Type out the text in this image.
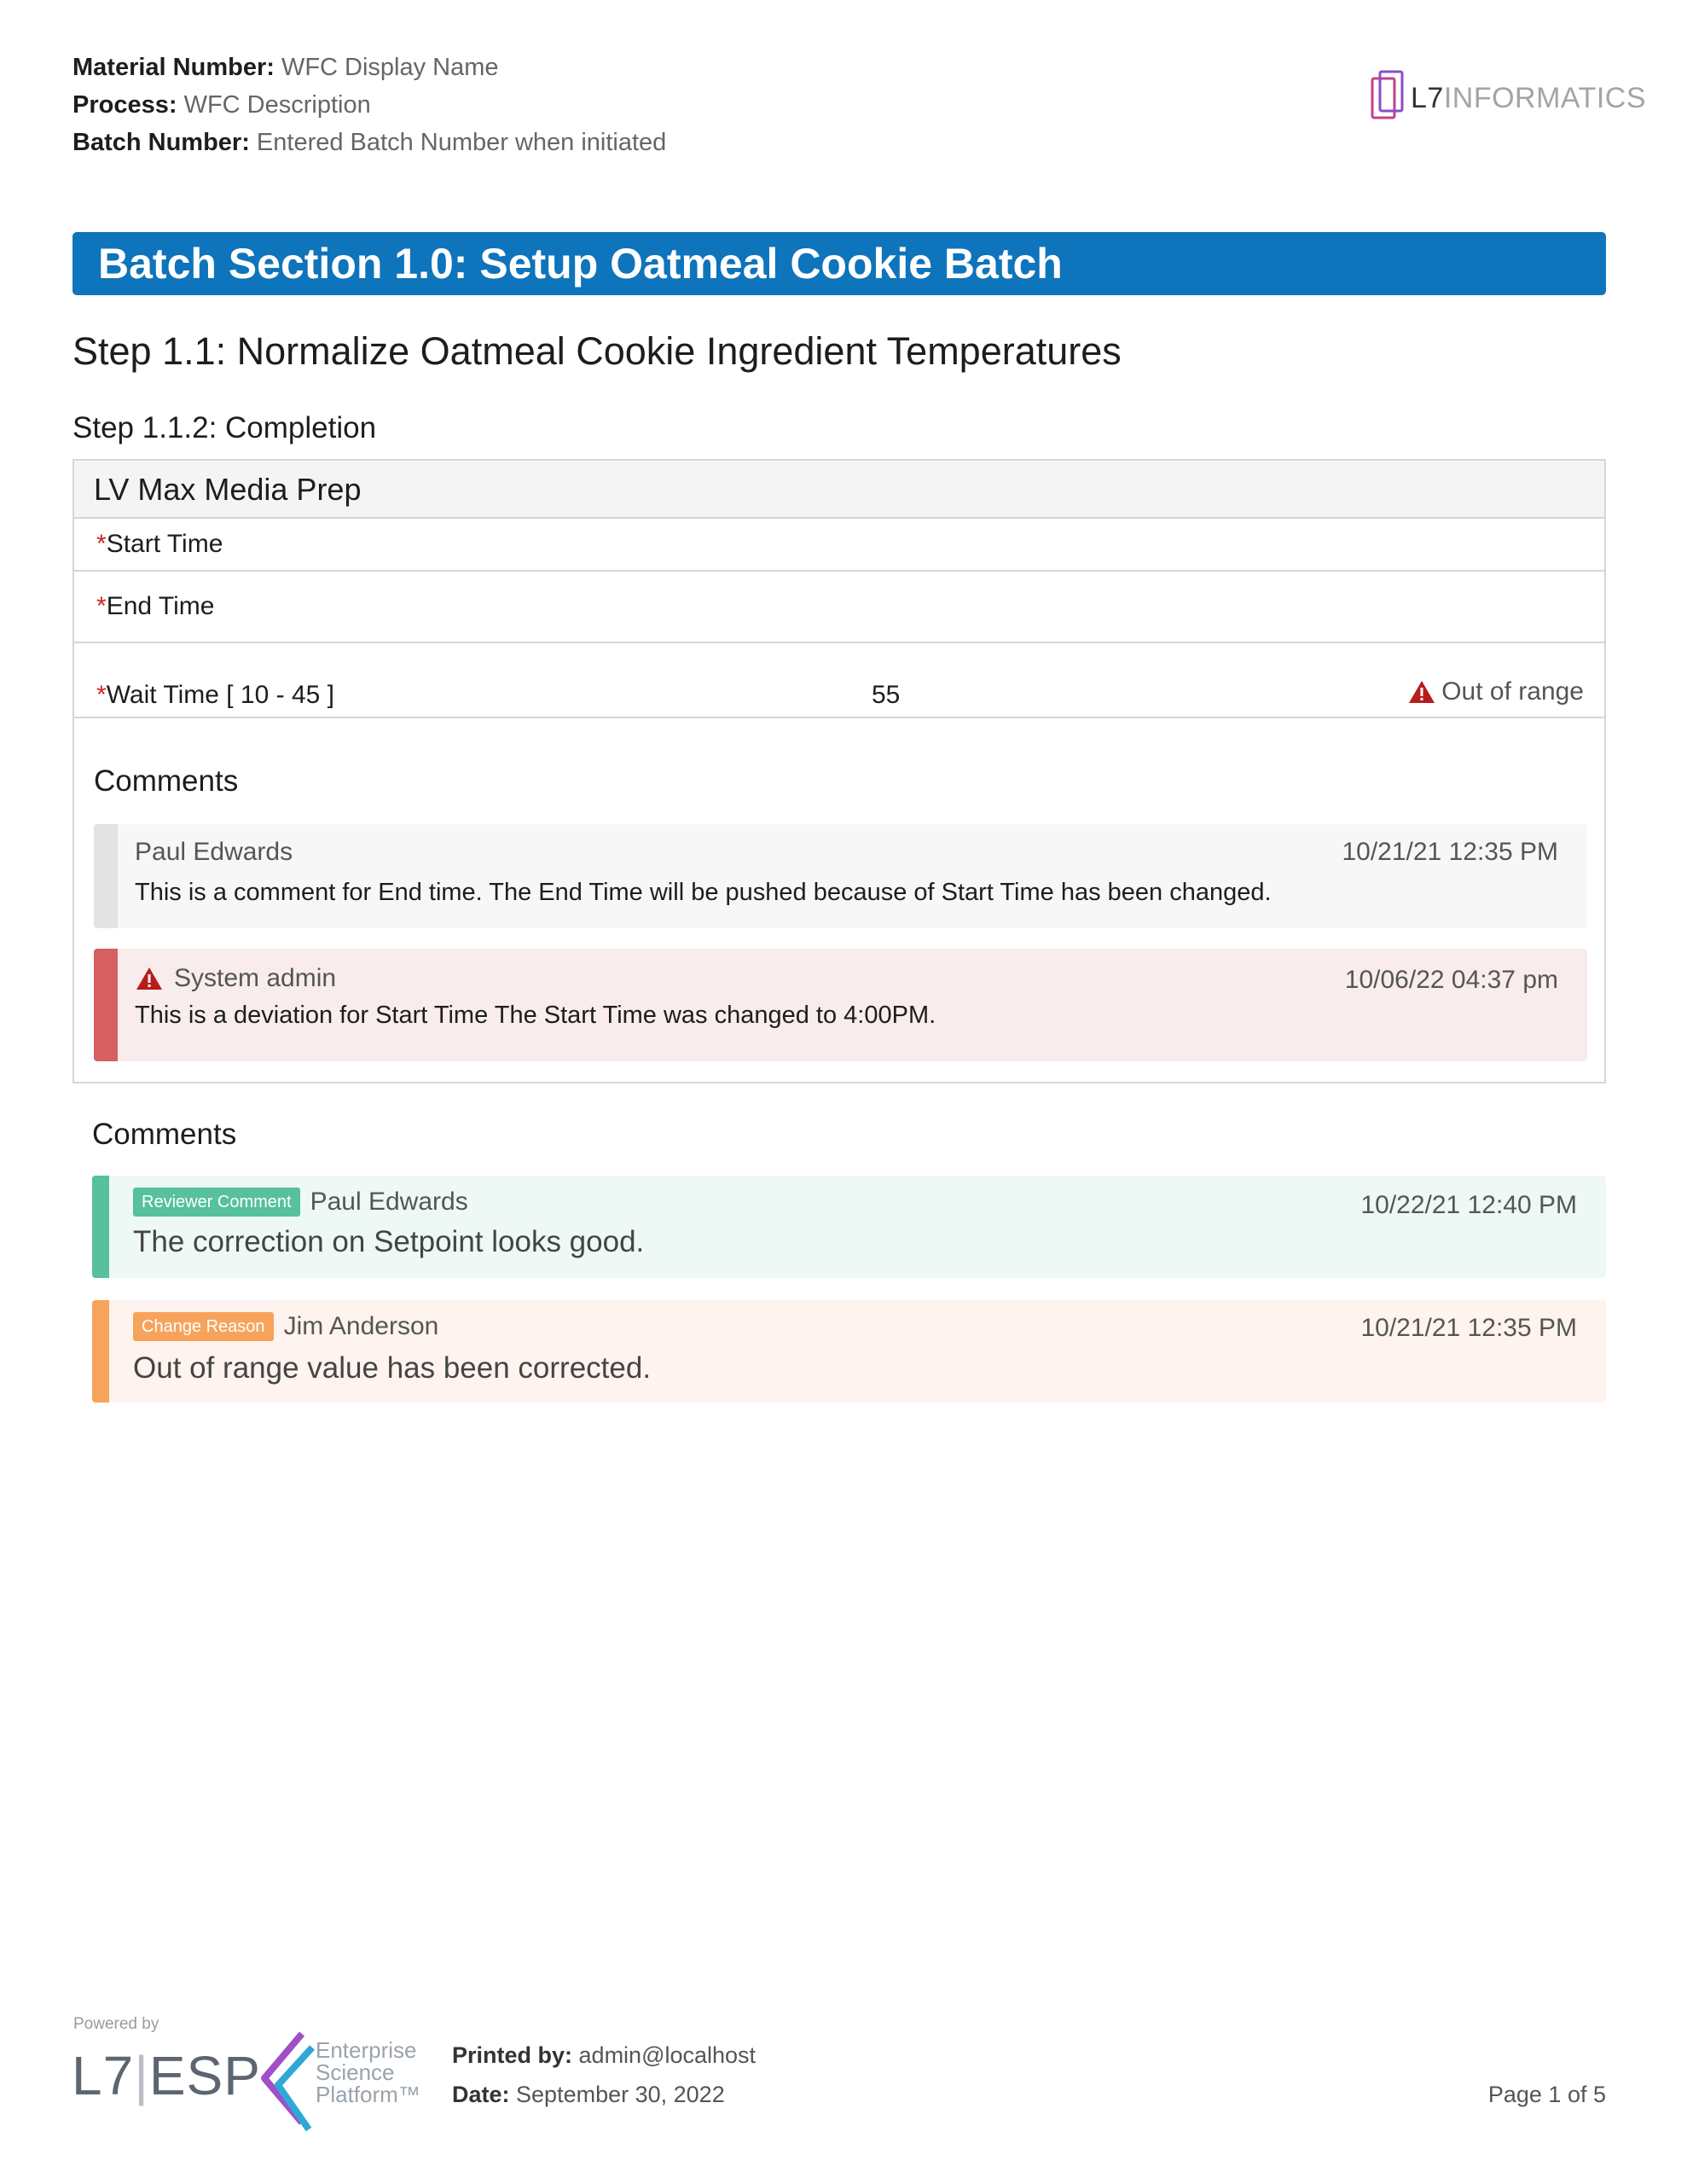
Material Number: WFC Display Name
Process: WFC Description
Batch Number: Entered Batch Number when initiated
L7INFORMATICS
Batch Section 1.0: Setup Oatmeal Cookie Batch
Step 1.1: Normalize Oatmeal Cookie Ingredient Temperatures
Step 1.1.2: Completion
LV Max Media Prep
*Start Time
*End Time
*Wait Time [ 10 - 45 ]	55	Out of range
Comments
Paul Edwards	10/21/21 12:35 PM
This is a comment for End time. The End Time will be pushed because of Start Time has been changed.
System admin	10/06/22 04:37 pm
This is a deviation for Start Time The Start Time was changed to 4:00PM.
Comments
Reviewer Comment Paul Edwards	10/22/21 12:40 PM
The correction on Setpoint looks good.
Change Reason Jim Anderson	10/21/21 12:35 PM
Out of range value has been corrected.
Powered by
L7|ESP Enterprise
Science
Platform™
Printed by: admin@localhost
Date: September 30, 2022	Page 1 of 5
